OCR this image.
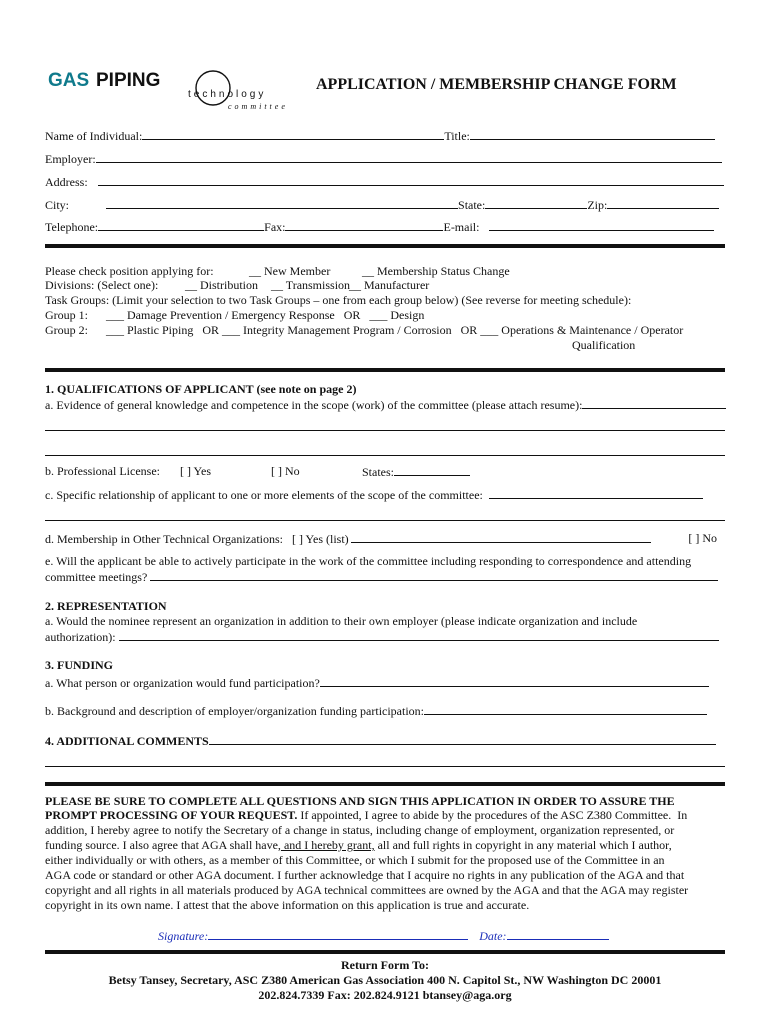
GAS PIPING
technology
committee
APPLICATION / MEMBERSHIP CHANGE FORM
Name of Individual:	Title:
Employer:
Address:
City:	State:	Zip:
Telephone:	Fax:	E-mail:
Please check position applying for:	__ New Member	__ Membership Status Change
Divisions: (Select one): __ Distribution __ Transmission
__ Manufacturer
Task Groups: (Limit your selection to two Task Groups – one from each group below) (See reverse for meeting schedule):
Group 1: ___ Damage Prevention / Emergency Response   OR   ___ Design
Group 2: ___ Plastic Piping   OR ___ Integrity Management Program / Corrosion   OR ___ Operations & Maintenance / Operator
Qualification
1. QUALIFICATIONS OF APPLICANT (see note on page 2)
a. Evidence of general knowledge and competence in the scope (work) of the committee (please attach resume):
b. Professional License: [ ] Yes	[ ] No	States:
c. Specific relationship of applicant to one or more elements of the scope of the committee:
d. Membership in Other Technical Organizations:   [ ] Yes (list)	[ ] No
e. Will the applicant be able to actively participate in the work of the committee including responding to correspondence and attending
committee meetings?
2. REPRESENTATION
a. Would the nominee represent an organization in addition to their own employer (please indicate organization and include
authorization):
3. FUNDING
a. What person or organization would fund participation?
b. Background and description of employer/organization funding participation:
4. ADDITIONAL COMMENTS
PLEASE BE SURE TO COMPLETE ALL QUESTIONS AND SIGN THIS APPLICATION IN ORDER TO ASSURE THE
PROMPT PROCESSING OF YOUR REQUEST. If appointed, I agree to abide by the procedures of the ASC Z380 Committee.  In
addition, I hereby agree to notify the Secretary of a change in status, including change of employment, organization represented, or
funding source. I also agree that AGA shall have, and I hereby grant, all and full rights in copyright in any material which I author,
either individually or with others, as a member of this Committee, or which I submit for the proposed use of the Committee in an
AGA code or standard or other AGA document. I further acknowledge that I acquire no rights in any publication of the AGA and that
copyright and all rights in all materials produced by AGA technical committees are owned by the AGA and that the AGA may register
copyright in its own name. I attest that the above information on this application is true and accurate.
Signature:	Date:
Return Form To:
Betsy Tansey, Secretary, ASC Z380 American Gas Association 400 N. Capitol St., NW Washington DC 20001
202.824.7339 Fax: 202.824.9121 btansey@aga.org
